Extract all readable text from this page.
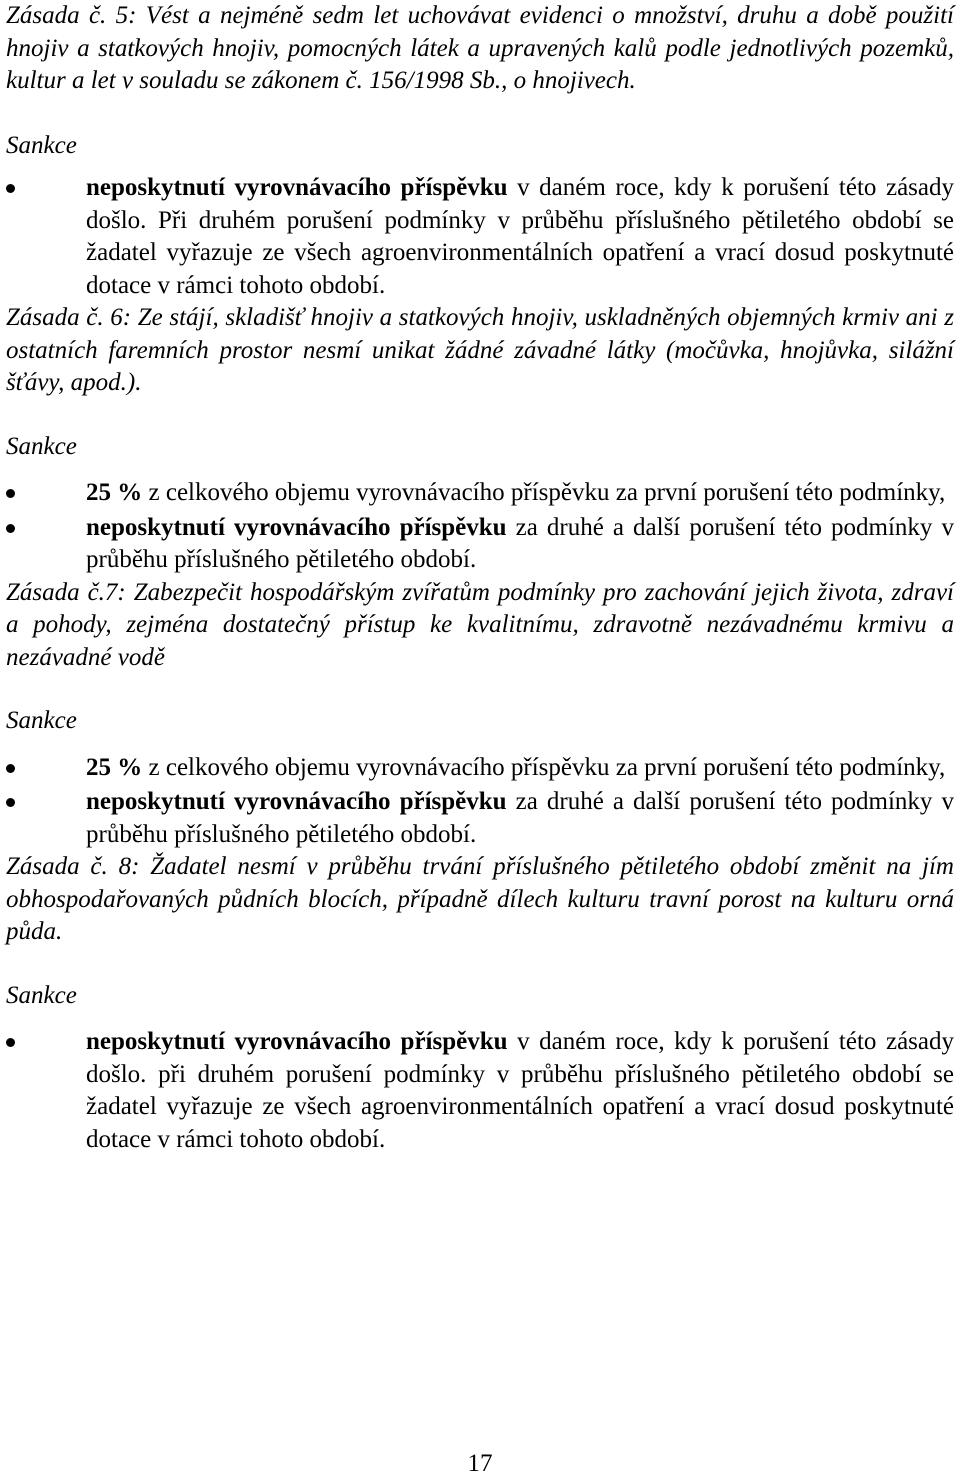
Zásada č. 5: Vést a nejméně sedm let uchovávat evidenci o množství, druhu a době použití hnojiv a statkových hnojiv, pomocných látek a upravených kalů podle jednotlivých pozemků, kultur a let v souladu se zákonem č. 156/1998 Sb., o hnojivech.

Sankce

neposkytnutí vyrovnávacího příspěvku v daném roce, kdy k porušení této zásady došlo. Při druhém porušení podmínky v průběhu příslušného pětiletého období se žadatel vyřazuje ze všech agroenvironmentálních opatření a vrací dosud poskytnuté dotace v rámci tohoto období.

Zásada č. 6: Ze stájí, skladišť hnojiv a statkových hnojiv, uskladněných objemných krmiv ani z ostatních faremních prostor nesmí unikat žádné závadné látky (močůvka, hnojůvka, silážní šťávy, apod.).

Sankce

25 % z celkového objemu vyrovnávacího příspěvku za první porušení této podmínky,
neposkytnutí vyrovnávacího příspěvku za druhé a další porušení této podmínky v průběhu příslušného pětiletého období.

Zásada č.7: Zabezpečit hospodářským zvířatům podmínky pro zachování jejich života, zdraví a pohody, zejména dostatečný přístup ke kvalitnímu, zdravotně nezávadnému krmivu a nezávadné vodě

Sankce

25 % z celkového objemu vyrovnávacího příspěvku za první porušení této podmínky,
neposkytnutí vyrovnávacího příspěvku za druhé a další porušení této podmínky v průběhu příslušného pětiletého období.

Zásada č. 8: Žadatel nesmí v průběhu trvání příslušného pětiletého období změnit na jím obhospodařovaných půdních blocích, případně dílech kulturu travní porost na kulturu orná půda.

Sankce

neposkytnutí vyrovnávacího příspěvku v daném roce, kdy k porušení této zásady došlo. při druhém porušení podmínky v průběhu příslušného pětiletého období se žadatel vyřazuje ze všech agroenvironmentálních opatření a vrací dosud poskytnuté dotace v rámci tohoto období.
17
